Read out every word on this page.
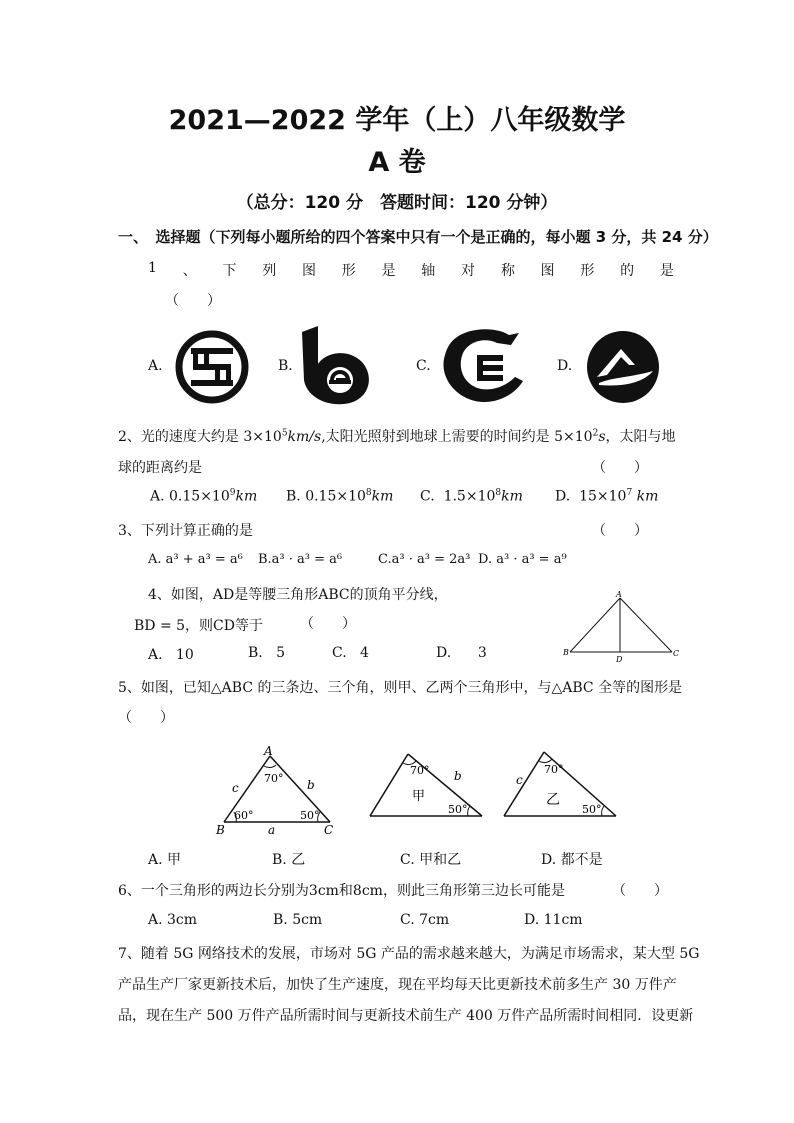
2021—2022 学年（上）八年级数学
A 卷
（总分：120 分　答题时间：120 分钟）
一、　选择题（下列每小题所给的四个答案中只有一个是正确的，每小题 3 分，共 24 分）
1 、 下 列 图 形 是 轴 对 称 图 形 的 是
（　　）
A.	B.	C.	D.
2、光的速度大约是 $3\times 10^5km/s$,太阳光照射到地球上需要的时间约是 $5\times 10^2s$，太阳与地
球的距离约是	（　　）
A. $0.15\times 10^9km$ B. $0.15\times 10^8km$ C. $1.5\times 10^8km$ D. $15\times 10^7$ km
3、下列计算正确的是	（　　）
A. a³ + a³ = a⁶ B.a³ · a³ = a⁶	C.a³ · a³ = 2a³ D. a³ · a³ = a⁹
4、如图，AD是等腰三角形ABC的顶角平分线，
BD = 5，则CD等于	（　　）
A. 10	B. 5	C. 4	D. 3
A
B	C
D
5、如图，已知△ABC 的三条边、三个角，则甲、乙两个三角形中，与△ABC 全等的图形是
（　　）
A
B	C
a
b
c
70°
60°	50°
70° b
甲
50°
70°
c
乙
50°
A. 甲	B. 乙	C. 甲和乙	D. 都不是
6、一个三角形的两边长分别为3cm和8cm，则此三角形第三边长可能是	（　　）
A. 3cm	B. 5cm	C. 7cm	D. 11cm
7、随着 5G 网络技术的发展，市场对 5G 产品的需求越来越大，为满足市场需求，某大型 5G
产品生产厂家更新技术后，加快了生产速度，现在平均每天比更新技术前多生产 30 万件产
品，现在生产 500 万件产品所需时间与更新技术前生产 400 万件产品所需时间相同．设更新
